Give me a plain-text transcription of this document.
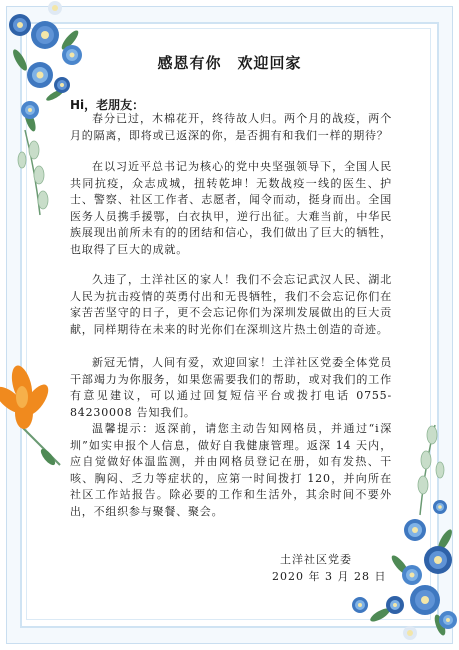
感恩有你　欢迎回家
Hi，老朋友：
春分已过，木棉花开，终待故人归。两个月的战疫，两个月的隔离，即将或已返深的你，是否拥有和我们一样的期待？
在以习近平总书记为核心的党中央坚强领导下，全国人民共同抗疫，众志成城，扭转乾坤！无数战疫一线的医生、护士、警察、社区工作者、志愿者，闻令而动，挺身而出。全国医务人员携手援鄂，白衣执甲，逆行出征。大难当前，中华民族展现出前所未有的的团结和信心，我们做出了巨大的牺牲，也取得了巨大的成就。
久违了，土洋社区的家人！我们不会忘记武汉人民、湖北人民为抗击疫情的英勇付出和无畏牺牲，我们不会忘记你们在家苦苦坚守的日子，更不会忘记你们为深圳发展做出的巨大贡献，同样期待在未来的时光你们在深圳这片热土创造的奇迹。
新冠无情，人间有爱，欢迎回家！土洋社区党委全体党员干部竭力为你服务，如果您需要我们的帮助，或对我们的工作有意见建议，可以通过回复短信平台或拨打电话 0755-84230008 告知我们。
温馨提示：返深前，请您主动告知网格员，并通过“i深圳”如实申报个人信息，做好自我健康管理。返深 14 天内，应自觉做好体温监测，并由网格员登记在册，如有发热、干咳、胸闷、乏力等症状的，应第一时间拨打 120，并向所在社区工作站报告。除必要的工作和生活外，其余时间不要外出，不组织参与聚餐、聚会。
土洋社区党委
2020 年 3 月 28 日
